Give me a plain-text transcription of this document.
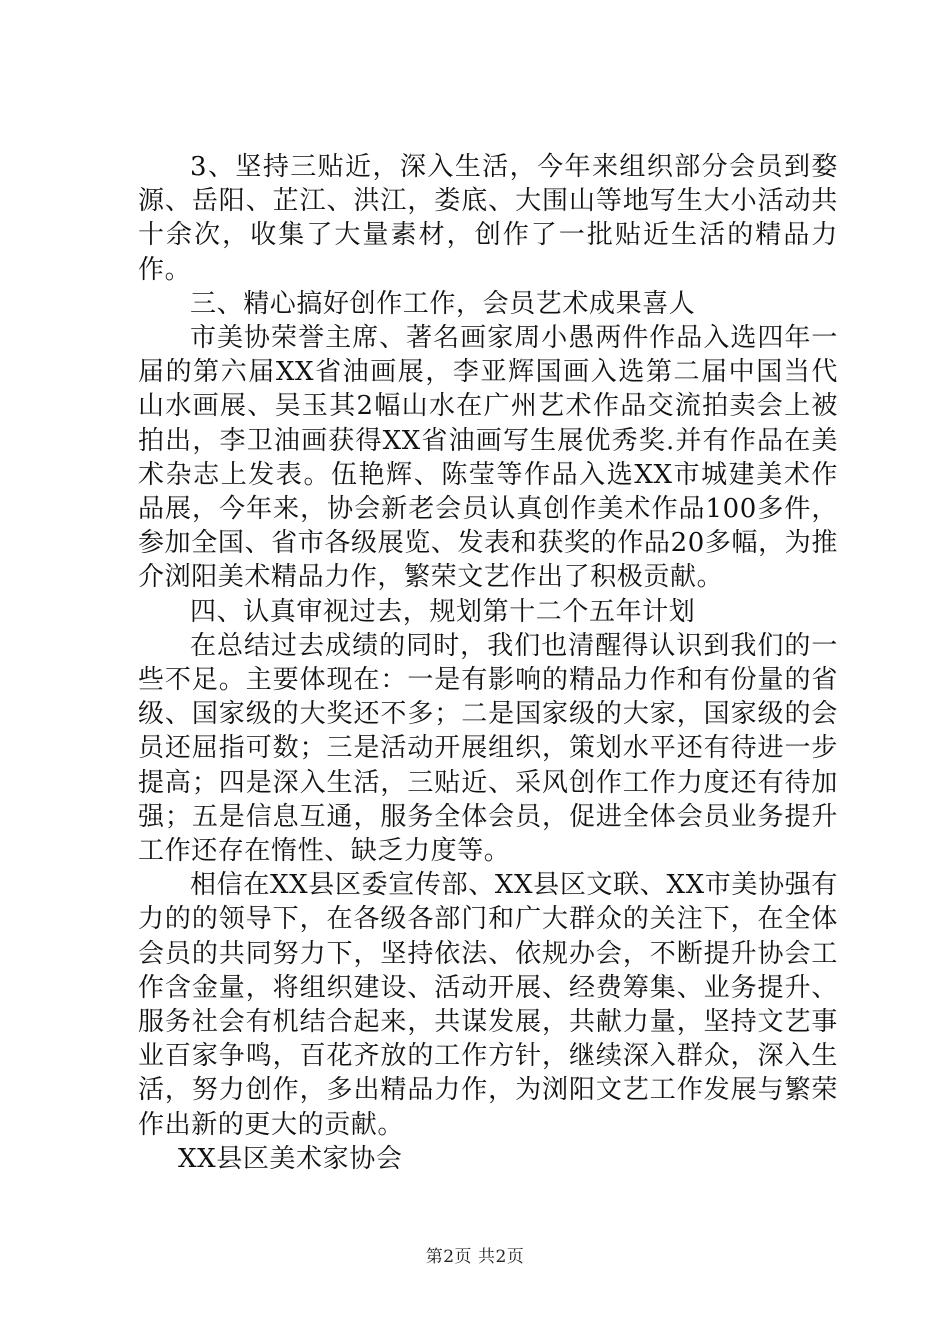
3、坚持三贴近，深入生活，今年来组织部分会员到婺源、岳阳、芷江、洪江，娄底、大围山等地写生大小活动共十余次，收集了大量素材，创作了一批贴近生活的精品力作。

三、精心搞好创作工作，会员艺术成果喜人

市美协荣誉主席、著名画家周小愚两件作品入选四年一届的第六届XX省油画展，李亚辉国画入选第二届中国当代山水画展、吴玉其2幅山水在广州艺术作品交流拍卖会上被拍出，李卫油画获得XX省油画写生展优秀奖.并有作品在美术杂志上发表。伍艳辉、陈莹等作品入选XX市城建美术作品展，今年来，协会新老会员认真创作美术作品100多件，参加全国、省市各级展览、发表和获奖的作品20多幅，为推介浏阳美术精品力作，繁荣文艺作出了积极贡献。

四、认真审视过去，规划第十二个五年计划

在总结过去成绩的同时，我们也清醒得认识到我们的一些不足。主要体现在：一是有影响的精品力作和有份量的省级、国家级的大奖还不多；二是国家级的大家，国家级的会员还屈指可数；三是活动开展组织，策划水平还有待进一步提高；四是深入生活，三贴近、采风创作工作力度还有待加强；五是信息互通，服务全体会员，促进全体会员业务提升工作还存在惰性、缺乏力度等。

相信在XX县区委宣传部、XX县区文联、XX市美协强有力的的领导下，在各级各部门和广大群众的关注下，在全体会员的共同努力下，坚持依法、依规办会，不断提升协会工作含金量，将组织建设、活动开展、经费筹集、业务提升、服务社会有机结合起来，共谋发展，共献力量，坚持文艺事业百家争鸣，百花齐放的工作方针，继续深入群众，深入生活，努力创作，多出精品力作，为浏阳文艺工作发展与繁荣作出新的更大的贡献。

XX县区美术家协会

第2页 共2页
